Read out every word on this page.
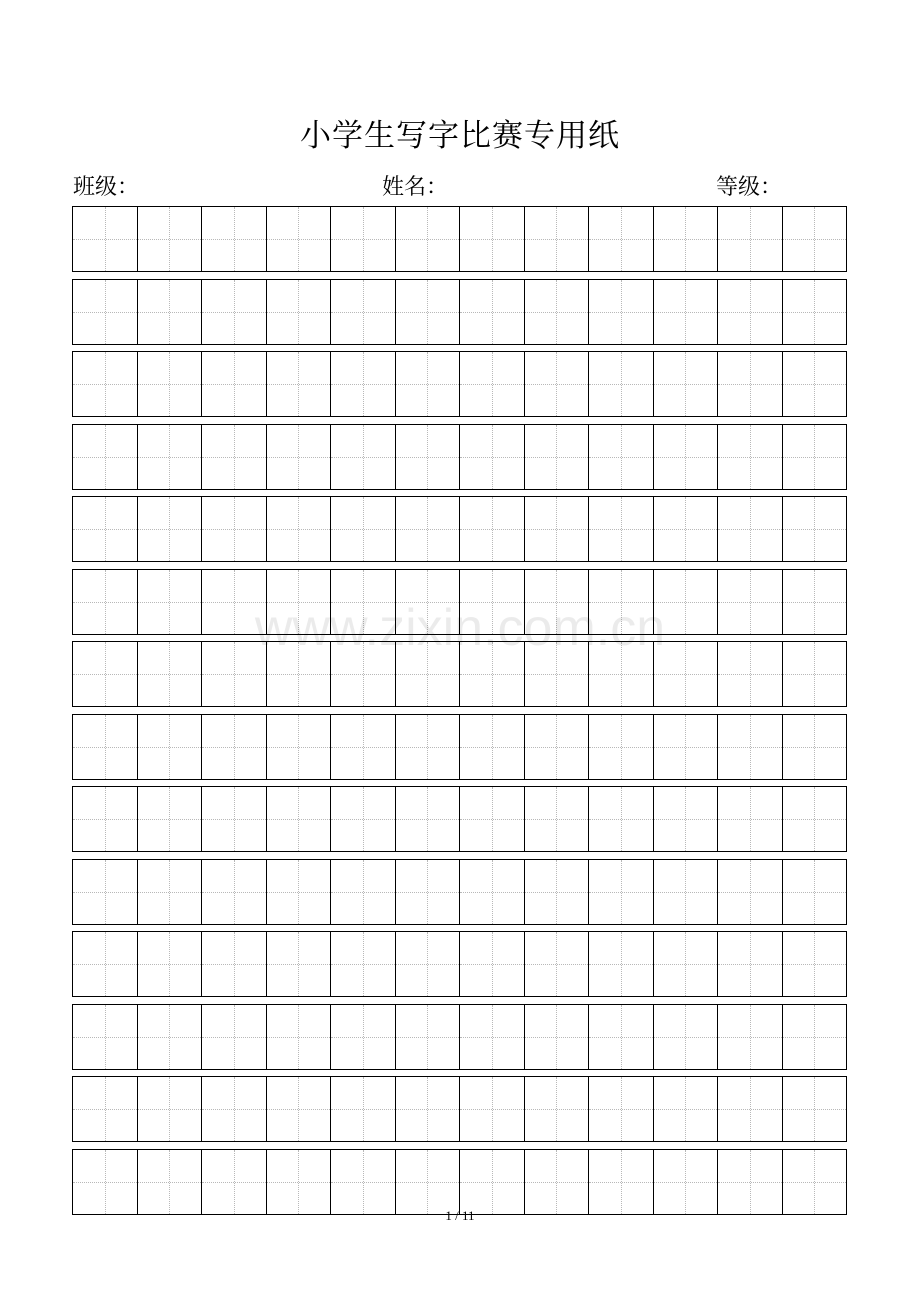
小学生写字比赛专用纸
班级：	姓名：	等级：
www.zixin.com.cn
1 / 11
